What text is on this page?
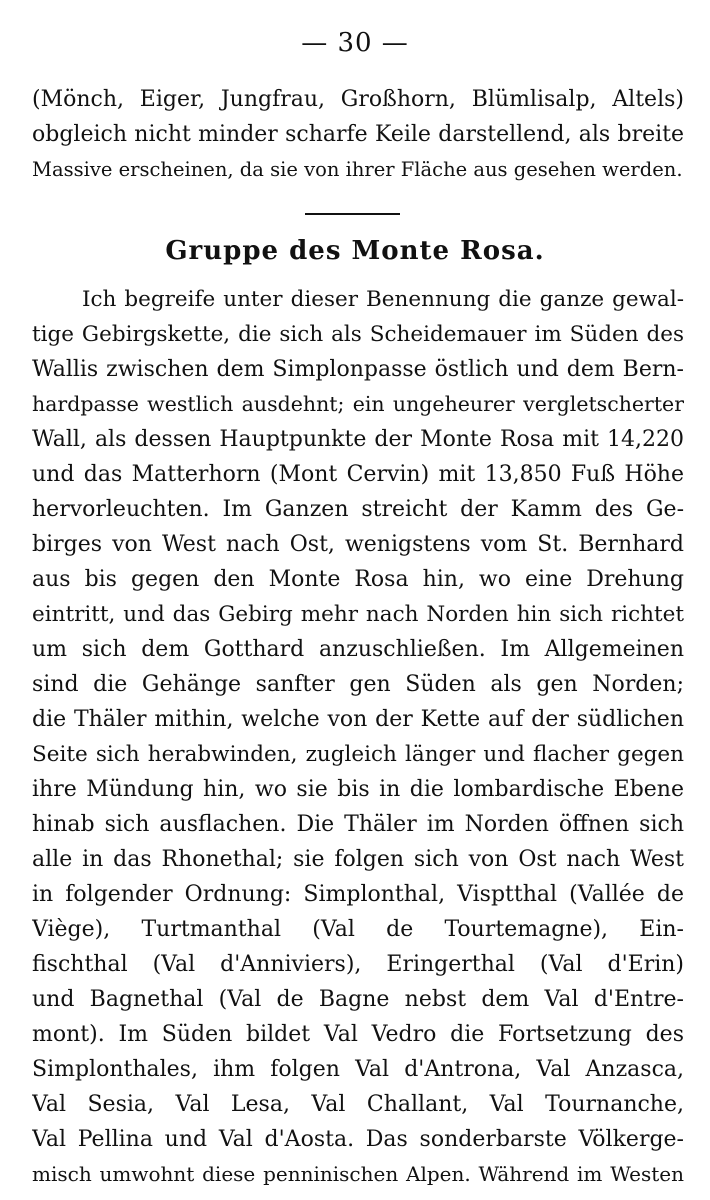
— 30 —
(Mönch, Eiger, Jungfrau, Großhorn, Blümlisalp, Altels)
obgleich nicht minder scharfe Keile darstellend, als breite
Massive erscheinen, da sie von ihrer Fläche aus gesehen werden.
Gruppe des Monte Rosa.
Ich begreife unter dieser Benennung die ganze gewal-
tige Gebirgskette, die sich als Scheidemauer im Süden des
Wallis zwischen dem Simplonpasse östlich und dem Bern-
hardpasse westlich ausdehnt; ein ungeheurer vergletscherter
Wall, als dessen Hauptpunkte der Monte Rosa mit 14,220
und das Matterhorn (Mont Cervin) mit 13,850 Fuß Höhe
hervorleuchten. Im Ganzen streicht der Kamm des Ge-
birges von West nach Ost, wenigstens vom St. Bernhard
aus bis gegen den Monte Rosa hin, wo eine Drehung
eintritt, und das Gebirg mehr nach Norden hin sich richtet
um sich dem Gotthard anzuschließen. Im Allgemeinen
sind die Gehänge sanfter gen Süden als gen Norden;
die Thäler mithin, welche von der Kette auf der südlichen
Seite sich herabwinden, zugleich länger und flacher gegen
ihre Mündung hin, wo sie bis in die lombardische Ebene
hinab sich ausflachen. Die Thäler im Norden öffnen sich
alle in das Rhonethal; sie folgen sich von Ost nach West
in folgender Ordnung: Simplonthal, Visptthal (Vallée de
Viège), Turtmanthal (Val de Tourtemagne), Ein-
fischthal (Val d'Anniviers), Eringerthal (Val d'Erin)
und Bagnethal (Val de Bagne nebst dem Val d'Entre-
mont). Im Süden bildet Val Vedro die Fortsetzung des
Simplonthales, ihm folgen Val d'Antrona, Val Anzasca,
Val Sesia, Val Lesa, Val Challant, Val Tournanche,
Val Pellina und Val d'Aosta. Das sonderbarste Völkerge-
misch umwohnt diese penninischen Alpen. Während im Westen
